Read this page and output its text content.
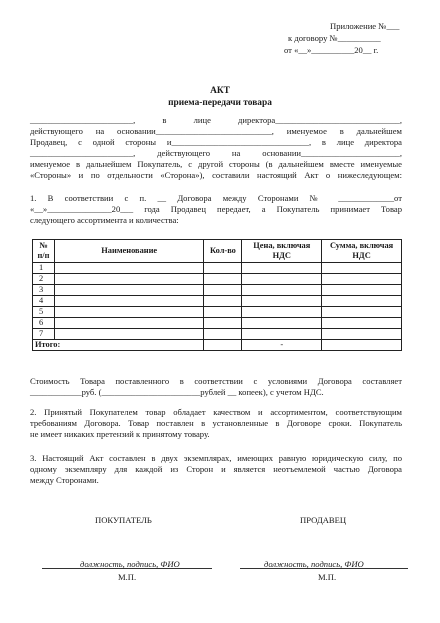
Приложение №___
к договору №__________
от «__»__________20__ г.
АКТ
приема-передачи товара
________________________, в лице директора_____________________________,
действующего на основании___________________________, именуемое в дальнейшем
Продавец, с одной стороны и________________________________, в лице директора
________________________, действующего на основании_______________________,
именуемое в дальнейшем Покупатель, с другой стороны (в дальнейшем вместе именуемые
«Стороны» и по отдельности «Сторона»), составили настоящий Акт о нижеследующем:
1. В соответствии с п. __ Договора между Сторонами № _____________от
«__»_______________20___ года Продавец передает, а Покупатель принимает Товар
следующего ассортимента и количества:
№ п/п	Наименование	Кол-во	Цена, включая НДС	Сумма, включая НДС
1				
2				
3				
4				
5				
6				
7				
Итого:			-	
Стоимость Товара поставленного в соответствии с условиями Договора составляет
____________руб. (_______________________рублей __ копеек), с учетом НДС.
2. Принятый Покупателем товар обладает качеством и ассортиментом, соответствующим
требованиям Договора. Товар поставлен в установленные в Договоре сроки. Покупатель
не имеет никаких претензий к принятому товару.
3. Настоящий Акт составлен в двух экземплярах, имеющих равную юридическую силу, по
одному экземпляру для каждой из Сторон и является неотъемлемой частью Договора
между Сторонами.
ПОКУПАТЕЛЬ	ПРОДАВЕЦ
должность, подпись, ФИО	должность, подпись, ФИО
М.П.	М.П.
